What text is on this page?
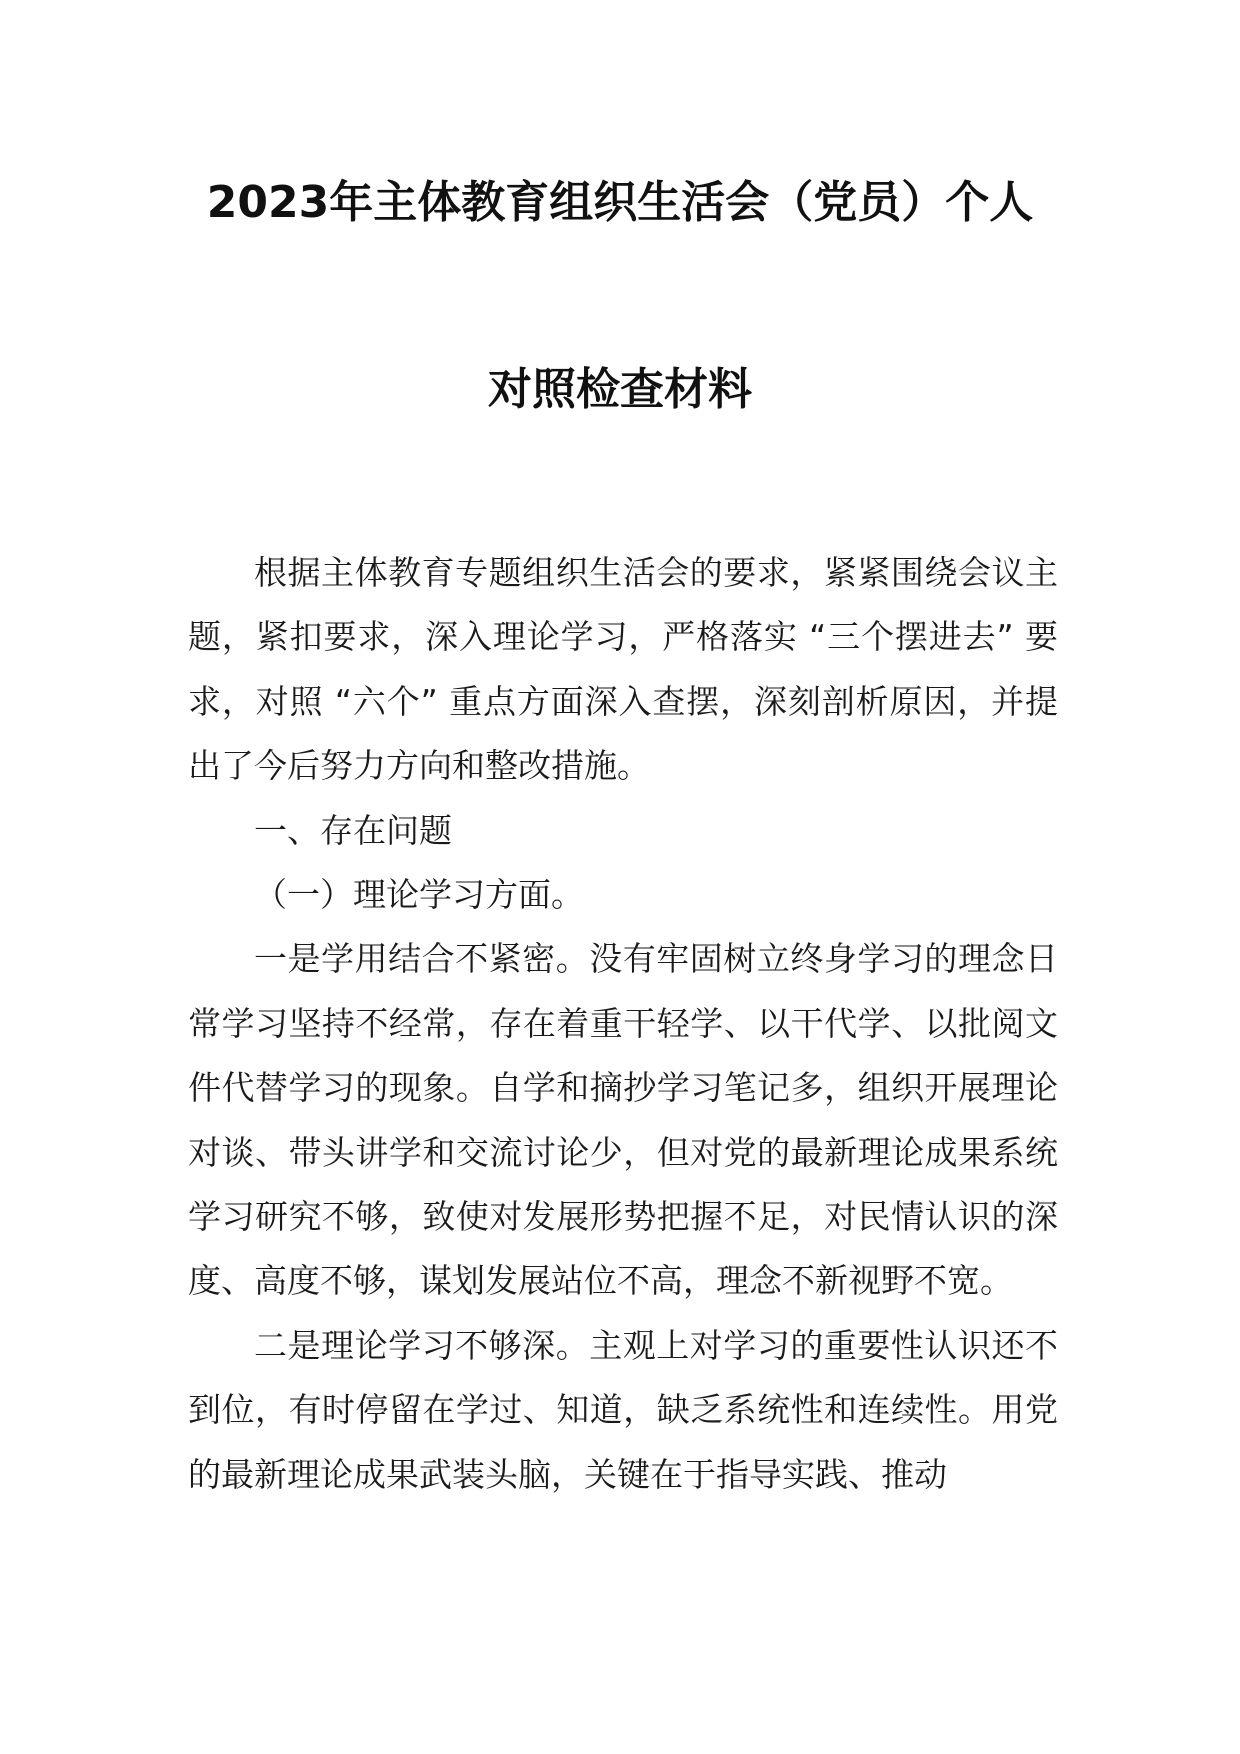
2023年主体教育组织生活会（党员）个人
对照检查材料

根据主体教育专题组织生活会的要求，紧紧围绕会议主题，紧扣要求，深入理论学习，严格落实 “三个摆进去” 要求，对照 “六个” 重点方面深入查摆，深刻剖析原因，并提出了今后努力方向和整改措施。

一、存在问题

（一）理论学习方面。

一是学用结合不紧密。没有牢固树立终身学习的理念日常学习坚持不经常，存在着重干轻学、以干代学、以批阅文件代替学习的现象。自学和摘抄学习笔记多，组织开展理论对谈、带头讲学和交流讨论少，但对党的最新理论成果系统学习研究不够，致使对发展形势把握不足，对民情认识的深度、高度不够，谋划发展站位不高，理念不新视野不宽。

二是理论学习不够深。主观上对学习的重要性认识还不到位，有时停留在学过、知道，缺乏系统性和连续性。用党的最新理论成果武装头脑，关键在于指导实践、推动
